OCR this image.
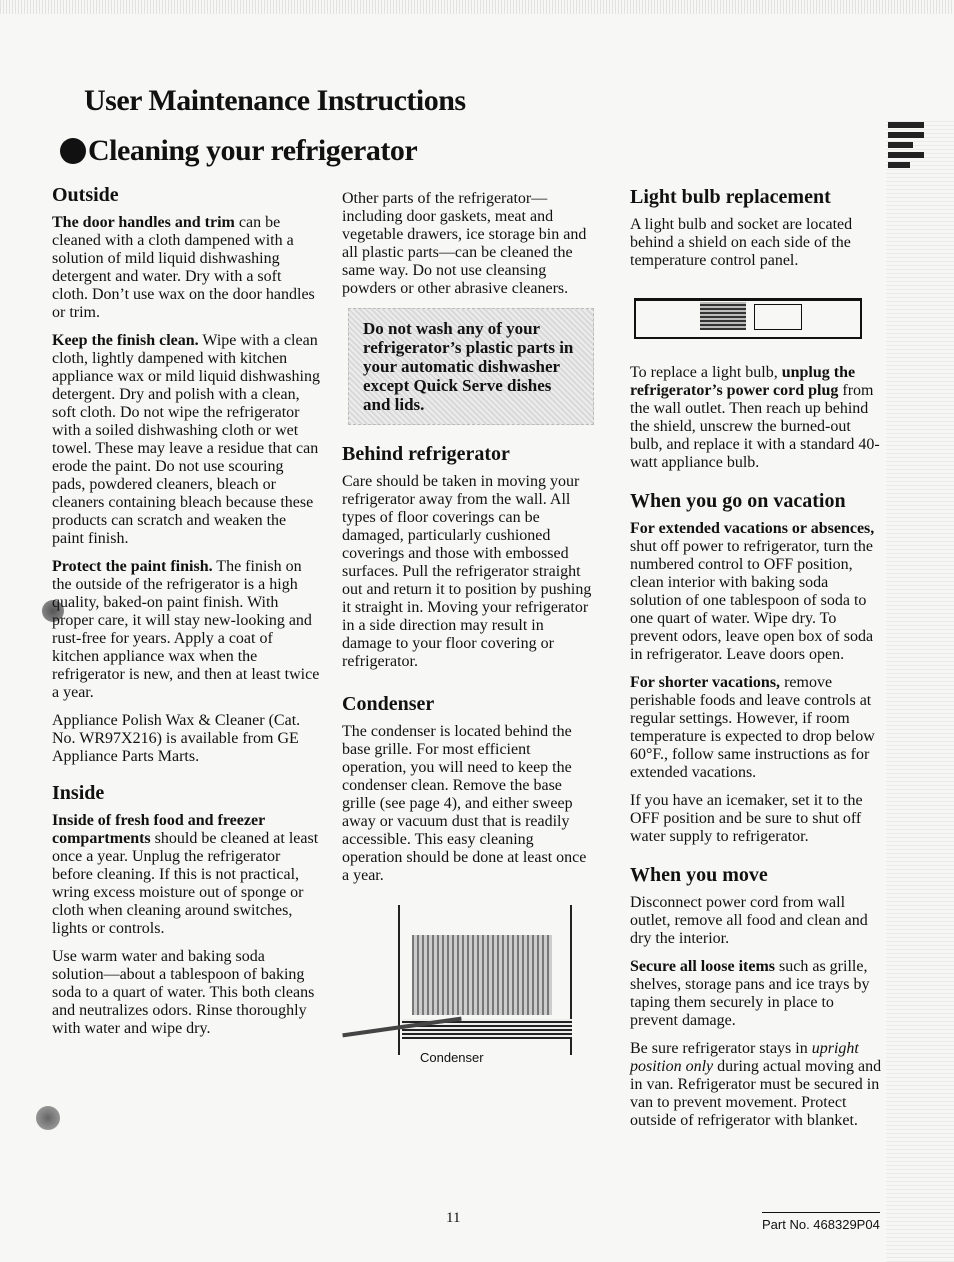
User Maintenance Instructions
Cleaning your refrigerator
Outside

The door handles and trim can be cleaned with a cloth dampened with a solution of mild liquid dishwashing detergent and water. Dry with a soft cloth. Don’t use wax on the door handles or trim.

Keep the finish clean. Wipe with a clean cloth, lightly dampened with kitchen appliance wax or mild liquid dishwashing detergent. Dry and polish with a clean, soft cloth. Do not wipe the refrigerator with a soiled dishwashing cloth or wet towel. These may leave a residue that can erode the paint. Do not use scouring pads, powdered cleaners, bleach or cleaners containing bleach because these products can scratch and weaken the paint finish.

Protect the paint finish. The finish on the outside of the refrigerator is a high quality, baked-on paint finish. With proper care, it will stay new-looking and rust-free for years. Apply a coat of kitchen appliance wax when the refrigerator is new, and then at least twice a year.

Appliance Polish Wax & Cleaner (Cat. No. WR97X216) is available from GE Appliance Parts Marts.

Inside

Inside of fresh food and freezer compartments should be cleaned at least once a year. Unplug the refrigerator before cleaning. If this is not practical, wring excess moisture out of sponge or cloth when cleaning around switches, lights or controls.

Use warm water and baking soda solution—about a tablespoon of baking soda to a quart of water. This both cleans and neutralizes odors. Rinse thoroughly with water and wipe dry.

Other parts of the refrigerator—including door gaskets, meat and vegetable drawers, ice storage bin and all plastic parts—can be cleaned the same way. Do not use cleansing powders or other abrasive cleaners.

Do not wash any of your refrigerator’s plastic parts in your automatic dishwasher except Quick Serve dishes and lids.
Behind refrigerator

Care should be taken in moving your refrigerator away from the wall. All types of floor coverings can be damaged, particularly cushioned coverings and those with embossed surfaces. Pull the refrigerator straight out and return it to position by pushing it straight in. Moving your refrigerator in a side direction may result in damage to your floor covering or refrigerator.

Condenser

The condenser is located behind the base grille. For most efficient operation, you will need to keep the condenser clean. Remove the base grille (see page 4), and either sweep away or vacuum dust that is readily accessible. This easy cleaning operation should be done at least once a year.

Condenser
Light bulb replacement

A light bulb and socket are located behind a shield on each side of the temperature control panel.

To replace a light bulb, unplug the refrigerator’s power cord plug from the wall outlet. Then reach up behind the shield, unscrew the burned-out bulb, and replace it with a standard 40-watt appliance bulb.

When you go on vacation

For extended vacations or absences, shut off power to refrigerator, turn the numbered control to OFF position, clean interior with baking soda solution of one tablespoon of soda to one quart of water. Wipe dry. To prevent odors, leave open box of soda in refrigerator. Leave doors open.

For shorter vacations, remove perishable foods and leave controls at regular settings. However, if room temperature is expected to drop below 60°F., follow same instructions as for extended vacations.

If you have an icemaker, set it to the OFF position and be sure to shut off water supply to refrigerator.

When you move

Disconnect power cord from wall outlet, remove all food and clean and dry the interior.

Secure all loose items such as grille, shelves, storage pans and ice trays by taping them securely in place to prevent damage.

Be sure refrigerator stays in upright position only during actual moving and in van. Refrigerator must be secured in van to prevent movement. Protect outside of refrigerator with blanket.

11	Part No. 468329P04
